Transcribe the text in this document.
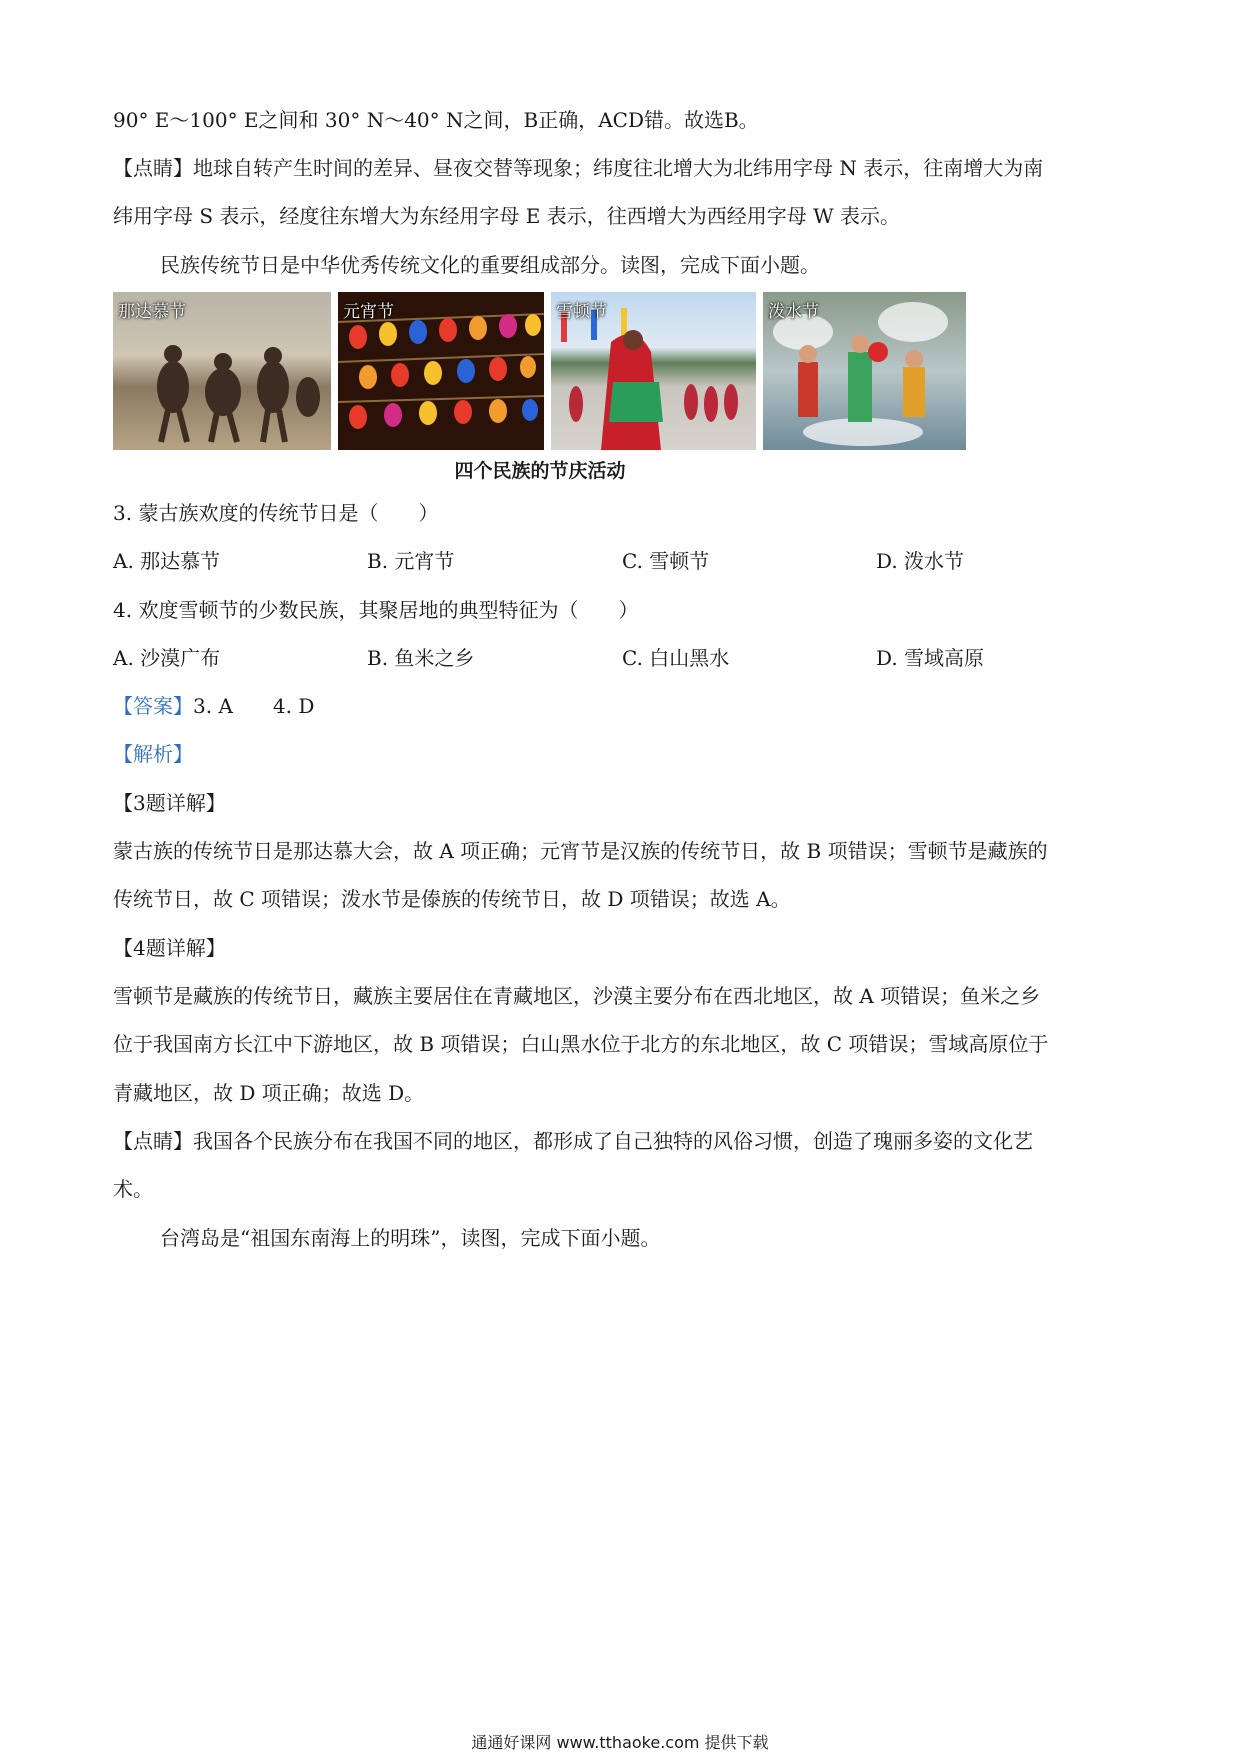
90° E～100° E之间和 30° N～40° N之间，B正确，ACD错。故选B。
【点睛】地球自转产生时间的差异、昼夜交替等现象；纬度往北增大为北纬用字母 N 表示，往南增大为南
纬用字母 S 表示，经度往东增大为东经用字母 E 表示，往西增大为西经用字母 W 表示。
民族传统节日是中华优秀传统文化的重要组成部分。读图，完成下面小题。
那达慕节	元宵节	雪顿节	泼水节
四个民族的节庆活动
3. 蒙古族欢度的传统节日是（　　）
A. 那达慕节	B. 元宵节	C. 雪顿节	D. 泼水节
4. 欢度雪顿节的少数民族，其聚居地的典型特征为（　　）
A. 沙漠广布	B. 鱼米之乡	C. 白山黑水	D. 雪域高原
【答案】3. A　　4. D
【解析】
【3题详解】
蒙古族的传统节日是那达慕大会，故 A 项正确；元宵节是汉族的传统节日，故 B 项错误；雪顿节是藏族的
传统节日，故 C 项错误；泼水节是傣族的传统节日，故 D 项错误；故选 A。
【4题详解】
雪顿节是藏族的传统节日，藏族主要居住在青藏地区，沙漠主要分布在西北地区，故 A 项错误；鱼米之乡
位于我国南方长江中下游地区，故 B 项错误；白山黑水位于北方的东北地区，故 C 项错误；雪域高原位于
青藏地区，故 D 项正确；故选 D。
【点睛】我国各个民族分布在我国不同的地区，都形成了自己独特的风俗习惯，创造了瑰丽多姿的文化艺
术。
台湾岛是“祖国东南海上的明珠”，读图，完成下面小题。
通通好课网 www.tthaoke.com 提供下载
